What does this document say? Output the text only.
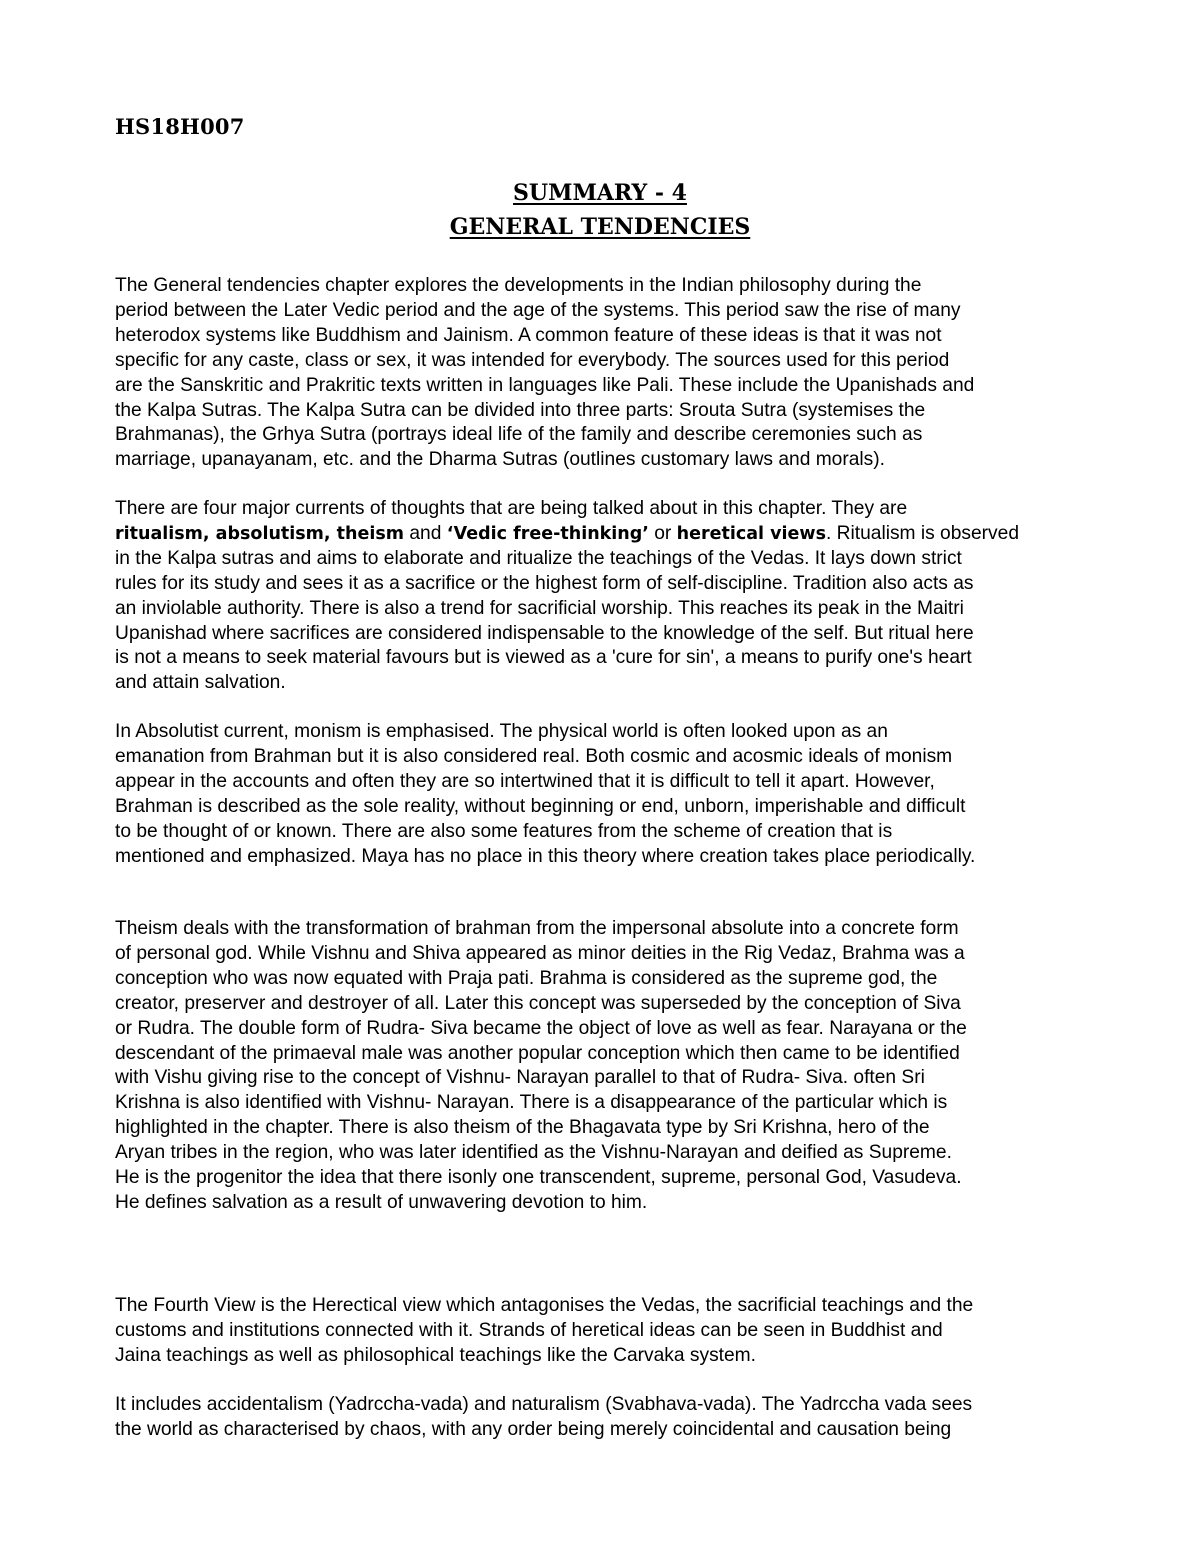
HS18H007
SUMMARY - 4
GENERAL TENDENCIES
The General tendencies chapter explores the developments in the Indian philosophy during the
period between the Later Vedic period and the age of the systems. This period saw the rise of many
heterodox systems like Buddhism and Jainism. A common feature of these ideas is that it was not
specific for any caste, class or sex, it was intended for everybody. The sources used for this period
are the Sanskritic and Prakritic texts written in languages like Pali. These include the Upanishads and
the Kalpa Sutras. The Kalpa Sutra can be divided into three parts: Srouta Sutra (systemises the
Brahmanas), the Grhya Sutra (portrays ideal life of the family and describe ceremonies such as
marriage, upanayanam, etc. and the Dharma Sutras (outlines customary laws and morals).
There are four major currents of thoughts that are being talked about in this chapter. They are
ritualism, absolutism, theism and ‘Vedic free-thinking’ or heretical views. Ritualism is observed
in the Kalpa sutras and aims to elaborate and ritualize the teachings of the Vedas. It lays down strict
rules for its study and sees it as a sacrifice or the highest form of self-discipline. Tradition also acts as
an inviolable authority. There is also a trend for sacrificial worship. This reaches its peak in the Maitri
Upanishad where sacrifices are considered indispensable to the knowledge of the self. But ritual here
is not a means to seek material favours but is viewed as a 'cure for sin', a means to purify one's heart
and attain salvation.
In Absolutist current, monism is emphasised. The physical world is often looked upon as an
emanation from Brahman but it is also considered real. Both cosmic and acosmic ideals of monism
appear in the accounts and often they are so intertwined that it is difficult to tell it apart. However,
Brahman is described as the sole reality, without beginning or end, unborn, imperishable and difficult
to be thought of or known. There are also some features from the scheme of creation that is
mentioned and emphasized. Maya has no place in this theory where creation takes place periodically.
Theism deals with the transformation of brahman from the impersonal absolute into a concrete form
of personal god. While Vishnu and Shiva appeared as minor deities in the Rig Vedaz, Brahma was a
conception who was now equated with Praja pati. Brahma is considered as the supreme god, the
creator, preserver and destroyer of all. Later this concept was superseded by the conception of Siva
or Rudra. The double form of Rudra- Siva became the object of love as well as fear. Narayana or the
descendant of the primaeval male was another popular conception which then came to be identified
with Vishu giving rise to the concept of Vishnu- Narayan parallel to that of Rudra- Siva. often Sri
Krishna is also identified with Vishnu- Narayan. There is a disappearance of the particular which is
highlighted in the chapter. There is also theism of the Bhagavata type by Sri Krishna, hero of the
Aryan tribes in the region, who was later identified as the Vishnu-Narayan and deified as Supreme.
He is the progenitor the idea that there isonly one transcendent, supreme, personal God, Vasudeva.
He defines salvation as a result of unwavering devotion to him.
The Fourth View is the Herectical view which antagonises the Vedas, the sacrificial teachings and the
customs and institutions connected with it. Strands of heretical ideas can be seen in Buddhist and
Jaina teachings as well as philosophical teachings like the Carvaka system.
It includes accidentalism (Yadrccha-vada) and naturalism (Svabhava-vada). The Yadrccha vada sees
the world as characterised by chaos, with any order being merely coincidental and causation being
